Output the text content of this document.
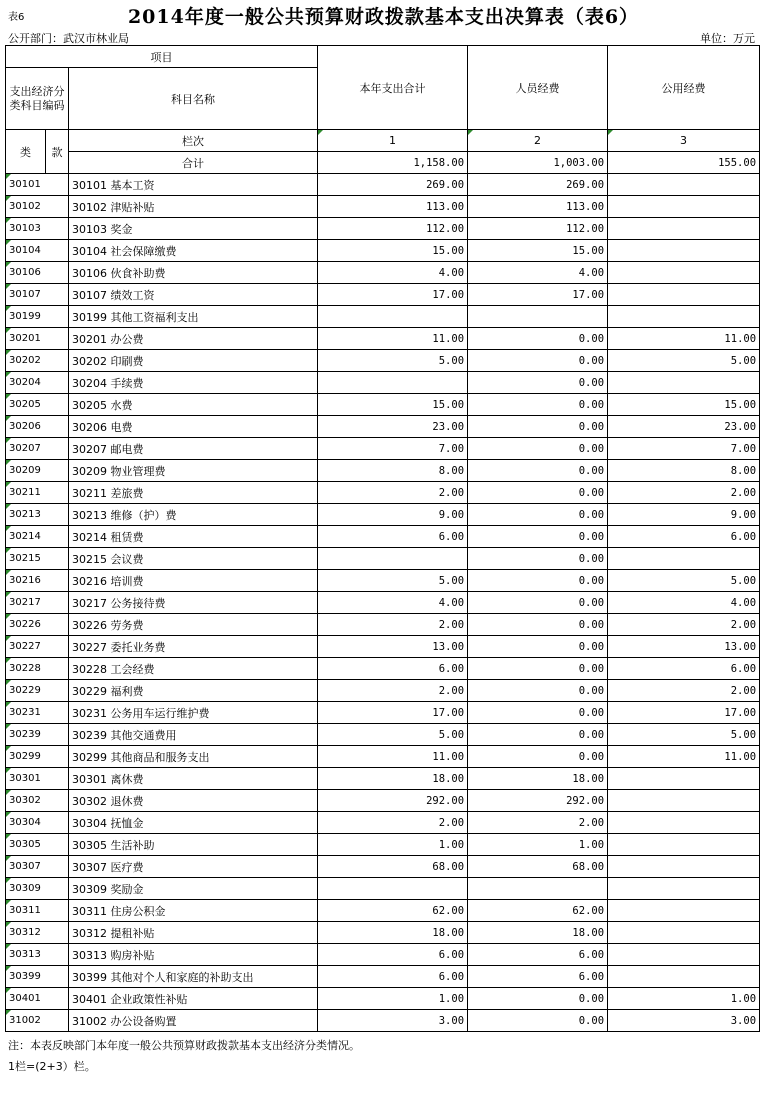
表6	2014年度一般公共预算财政拨款基本支出决算表（表6）
公开部门：武汉市林业局	单位：万元
项目			本年支出合计	人员经费	公用经费
支出经济分类科目编码		科目名称			
类	款				
		栏次	1	2	3
		合计	1,158.00	1,003.00	155.00
30101		30101 基本工资	269.00	269.00	
30102		30102 津贴补贴	113.00	113.00	
30103		30103 奖金	112.00	112.00	
30104		30104 社会保障缴费	15.00	15.00	
30106		30106 伙食补助费	4.00	4.00	
30107		30107 绩效工资	17.00	17.00	
30199		30199 其他工资福利支出			
30201		30201 办公费	11.00	0.00	11.00
30202		30202 印刷费	5.00	0.00	5.00
30204		30204 手续费		0.00	
30205		30205 水费	15.00	0.00	15.00
30206		30206 电费	23.00	0.00	23.00
30207		30207 邮电费	7.00	0.00	7.00
30209		30209 物业管理费	8.00	0.00	8.00
30211		30211 差旅费	2.00	0.00	2.00
30213		30213 维修（护）费	9.00	0.00	9.00
30214		30214 租赁费	6.00	0.00	6.00
30215		30215 会议费		0.00	
30216		30216 培训费	5.00	0.00	5.00
30217		30217 公务接待费	4.00	0.00	4.00
30226		30226 劳务费	2.00	0.00	2.00
30227		30227 委托业务费	13.00	0.00	13.00
30228		30228 工会经费	6.00	0.00	6.00
30229		30229 福利费	2.00	0.00	2.00
30231		30231 公务用车运行维护费	17.00	0.00	17.00
30239		30239 其他交通费用	5.00	0.00	5.00
30299		30299 其他商品和服务支出	11.00	0.00	11.00
30301		30301 离休费	18.00	18.00	
30302		30302 退休费	292.00	292.00	
30304		30304 抚恤金	2.00	2.00	
30305		30305 生活补助	1.00	1.00	
30307		30307 医疗费	68.00	68.00	
30309		30309 奖励金			
30311		30311 住房公积金	62.00	62.00	
30312		30312 提租补贴	18.00	18.00	
30313		30313 购房补贴	6.00	6.00	
30399		30399 其他对个人和家庭的补助支出	6.00	6.00	
30401		30401 企业政策性补贴	1.00	0.00	1.00
31002		31002 办公设备购置	3.00	0.00	3.00
注：本表反映部门本年度一般公共预算财政拨款基本支出经济分类情况。
1栏=(2+3）栏。
